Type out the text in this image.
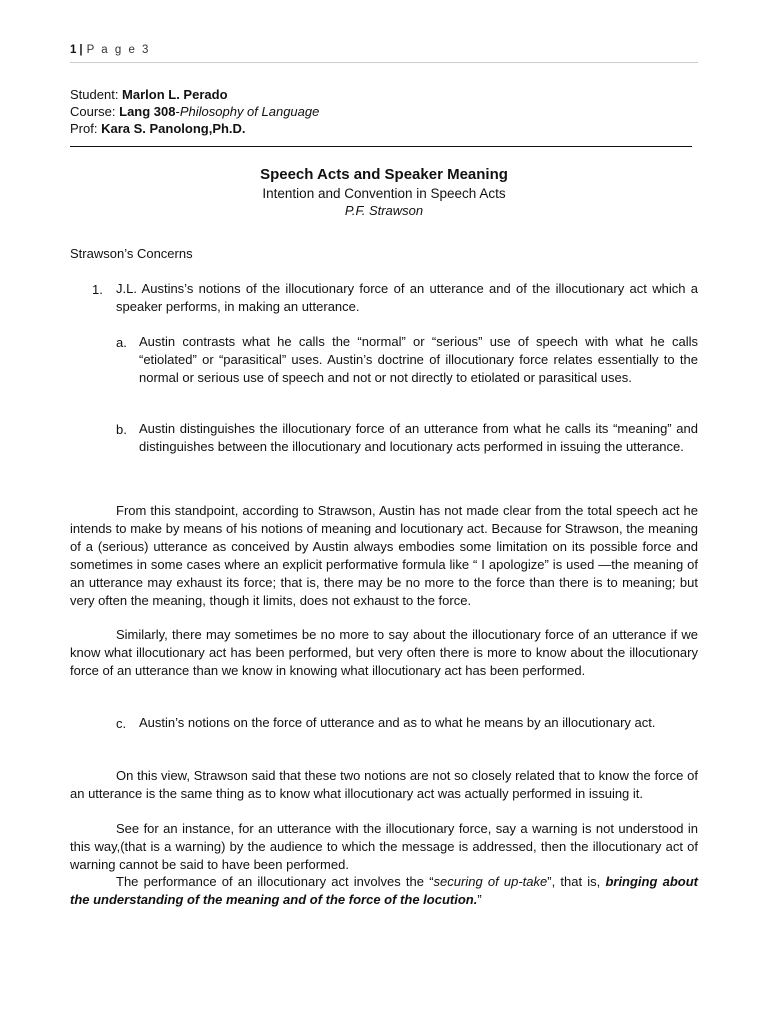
1 | P a g e 3
Student: Marlon L. Perado
Course: Lang 308-Philosophy of Language
Prof: Kara S. Panolong,Ph.D.
Speech Acts and Speaker Meaning
Intention and Convention in Speech Acts
P.F. Strawson
Strawson’s Concerns
1. J.L. Austins’s notions of the illocutionary force of an utterance and of the illocutionary act which a speaker performs, in making an utterance.
a. Austin contrasts what he calls the “normal” or “serious” use of speech with what he calls “etiolated” or “parasitical” uses. Austin’s doctrine of illocutionary force relates essentially to the normal or serious use of speech and not or not directly to etiolated or parasitical uses.
b. Austin distinguishes the illocutionary force of an utterance from what he calls its “meaning” and distinguishes between the illocutionary and locutionary acts performed in issuing the utterance.
From this standpoint, according to Strawson, Austin has not made clear from the total speech act he intends to make by means of his notions of meaning and locutionary act. Because for Strawson, the meaning of a (serious) utterance as conceived by Austin always embodies some limitation on its possible force and sometimes in some cases where an explicit performative formula like “ I apologize” is used —the meaning of an utterance may exhaust its force; that is, there may be no more to the force than there is to meaning; but very often the meaning, though it limits, does not exhaust to the force.
Similarly, there may sometimes be no more to say about the illocutionary force of an utterance if we know what illocutionary act has been performed, but very often there is more to know about the illocutionary force of an utterance than we know in knowing what illocutionary act has been performed.
c. Austin’s notions on the force of utterance and as to what he means by an illocutionary act.
On this view, Strawson said that these two notions are not so closely related that to know the force of an utterance is the same thing as to know what illocutionary act was actually performed in issuing it.
See for an instance, for an utterance with the illocutionary force, say a warning is not understood in this way,(that is a warning) by the audience to which the message is addressed, then the illocutionary act of warning cannot be said to have been performed.
The performance of an illocutionary act involves the “securing of up-take”, that is, bringing about the understanding of the meaning and of the force of the locution.”
